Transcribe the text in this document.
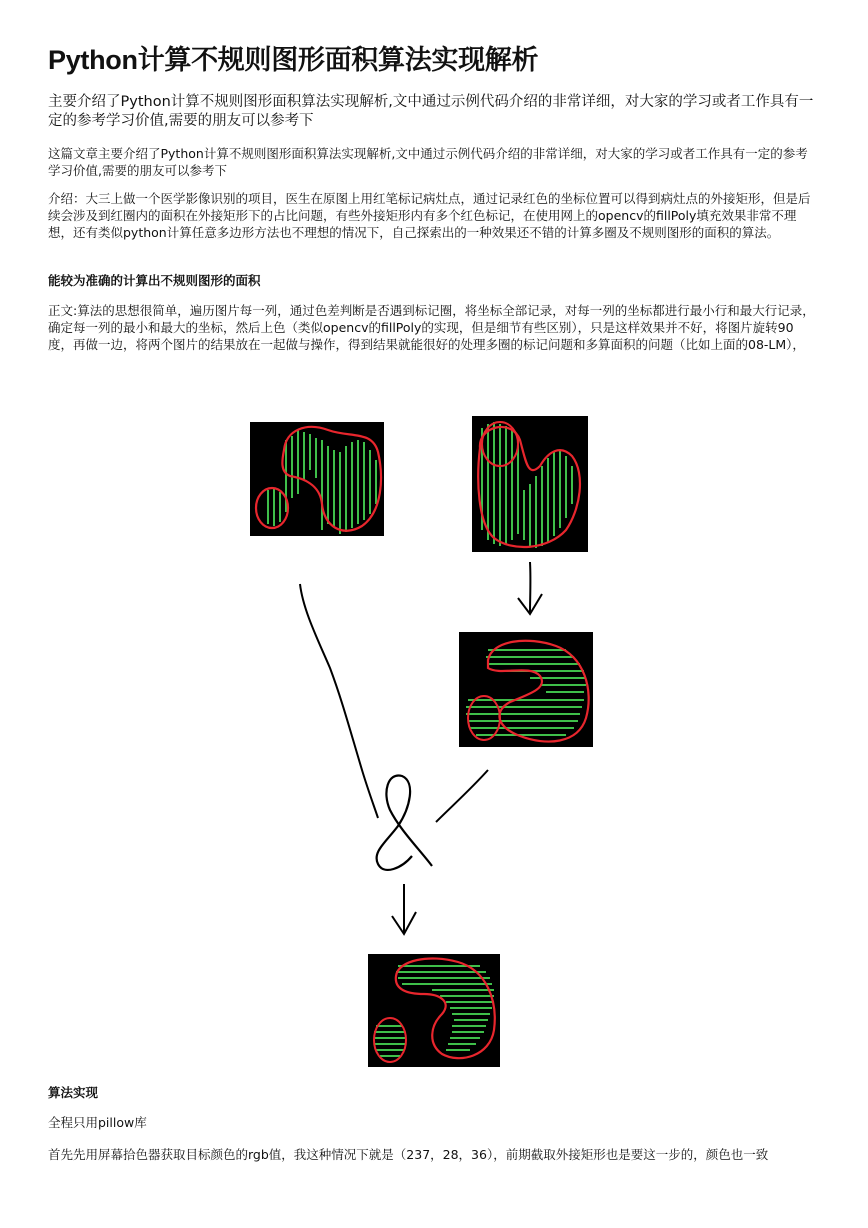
Python计算不规则图形面积算法实现解析

主要介绍了Python计算不规则图形面积算法实现解析,文中通过示例代码介绍的非常详细，对大家的学习或者工作具有一定的参考学习价值,需要的朋友可以参考下

这篇文章主要介绍了Python计算不规则图形面积算法实现解析,文中通过示例代码介绍的非常详细，对大家的学习或者工作具有一定的参考学习价值,需要的朋友可以参考下

介绍：大三上做一个医学影像识别的项目，医生在原图上用红笔标记病灶点，通过记录红色的坐标位置可以得到病灶点的外接矩形，但是后续会涉及到红圈内的面积在外接矩形下的占比问题，有些外接矩形内有多个红色标记，在使用网上的opencv的fillPoly填充效果非常不理想，还有类似python计算任意多边形方法也不理想的情况下，自己探索出的一种效果还不错的计算多圈及不规则图形的面积的算法。

能较为准确的计算出不规则图形的面积

正文:算法的思想很简单，遍历图片每一列，通过色差判断是否遇到标记圈，将坐标全部记录，对每一列的坐标都进行最小行和最大行记录，确定每一列的最小和最大的坐标，然后上色（类似opencv的fillPoly的实现，但是细节有些区别），只是这样效果并不好，将图片旋转90度，再做一边，将两个图片的结果放在一起做与操作，得到结果就能很好的处理多圈的标记问题和多算面积的问题（比如上面的08-LM），

算法实现

全程只用pillow库

首先先用屏幕拾色器获取目标颜色的rgb值，我这种情况下就是（237，28，36），前期截取外接矩形也是要这一步的，颜色也一致
